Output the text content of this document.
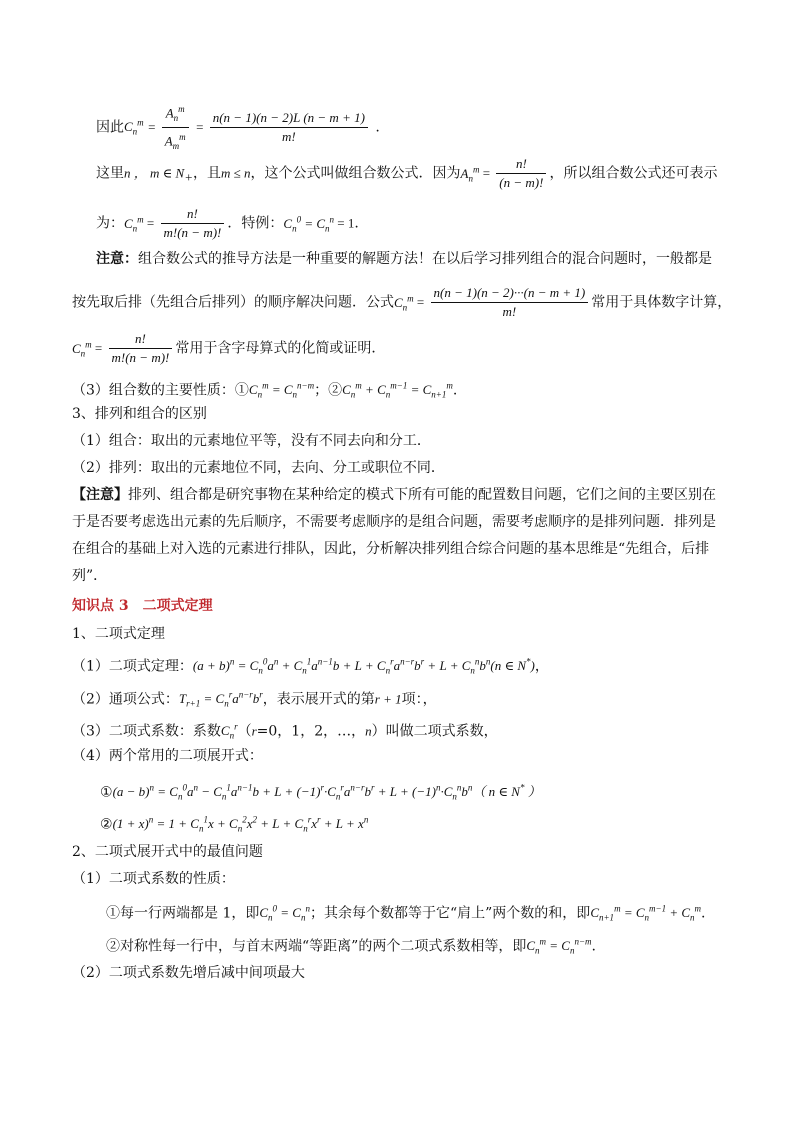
因此$C_n^m = \frac{A_n^m}{A_m^m} = \frac{n(n - 1)(n - 2)L (n - m + 1)}{m!}$ .
这里n ， m ∈ $N_+$，且m ≤ n，这个公式叫做组合数公式．因为$A_n^m = \frac{n!}{(n - m)!}$ ，所以组合数公式还可表示
为：$C_n^m = \frac{n!}{m!(n - m)!}$ ．特例：$C_n^0 = C_n^n = 1$.
注意：组合数公式的推导方法是一种重要的解题方法！在以后学习排列组合的混合问题时，一般都是
按先取后排（先组合后排列）的顺序解决问题．公式$C_n^m = \frac{n(n - 1)(n - 2)\cdot\cdot\cdot(n - m + 1)}{m!}$ 常用于具体数字计算，
$C_n^m = \frac{n!}{m!(n - m)!}$ 常用于含字母算式的化简或证明．
（3）组合数的主要性质：$①C_n^m = C_n^{n-m}$；$②C_n^m + C_n^{m-1} = C_{n+1}^m$.
3、排列和组合的区别
（1）组合：取出的元素地位平等，没有不同去向和分工．
（2）排列：取出的元素地位不同，去向、分工或职位不同．
【注意】排列、组合都是研究事物在某种给定的模式下所有可能的配置数目问题，它们之间的主要区别在
于是否要考虑选出元素的先后顺序，不需要考虑顺序的是组合问题，需要考虑顺序的是排列问题．排列是
在组合的基础上对入选的元素进行排队，因此，分析解决排列组合综合问题的基本思维是“先组合，后排
列”．
知识点 3　二项式定理
1、二项式定理
（1）二项式定理：$(a + b)^n = C_n^0a^n + C_n^1a^{n-1}b + L + C_n^ra^{n-r}b^r + L + C_n^nb^n(n$ ∈ N*)，
（2）通项公式：$T_{r+1} = C_n^ra^{n-r}b^r$，表示展开式的第r + 1项：，
（3）二项式系数：系数$C_n^r(r=0$，1，2，…，n）叫做二项式系数，
（4）两个常用的二项展开式：
①(a − $b)^n = C_n^0a^n - C_n^1a^{n-1}b + L + (-1)^r\cdot C_n^ra^{n-r}b^r + L + (-1)^n\cdot C_n^nb^n$（ n ∈ N* ）
②(1 + $x)^n = 1 + C_n^1x + C_n^2x^2 + L + C_n^rx^r + L + x^n$
2、二项式展开式中的最值问题
（1）二项式系数的性质：
①每一行两端都是 1，即$C_n^0 = C_n^n$；其余每个数都等于它“肩上”两个数的和，即$C_{n+1}^m = C_n^{m-1} + C_n^m$.
②对称性每一行中，与首末两端“等距离”的两个二项式系数相等，即$C_n^m = C_n^{n-m}$.
（2）二项式系数先增后减中间项最大
